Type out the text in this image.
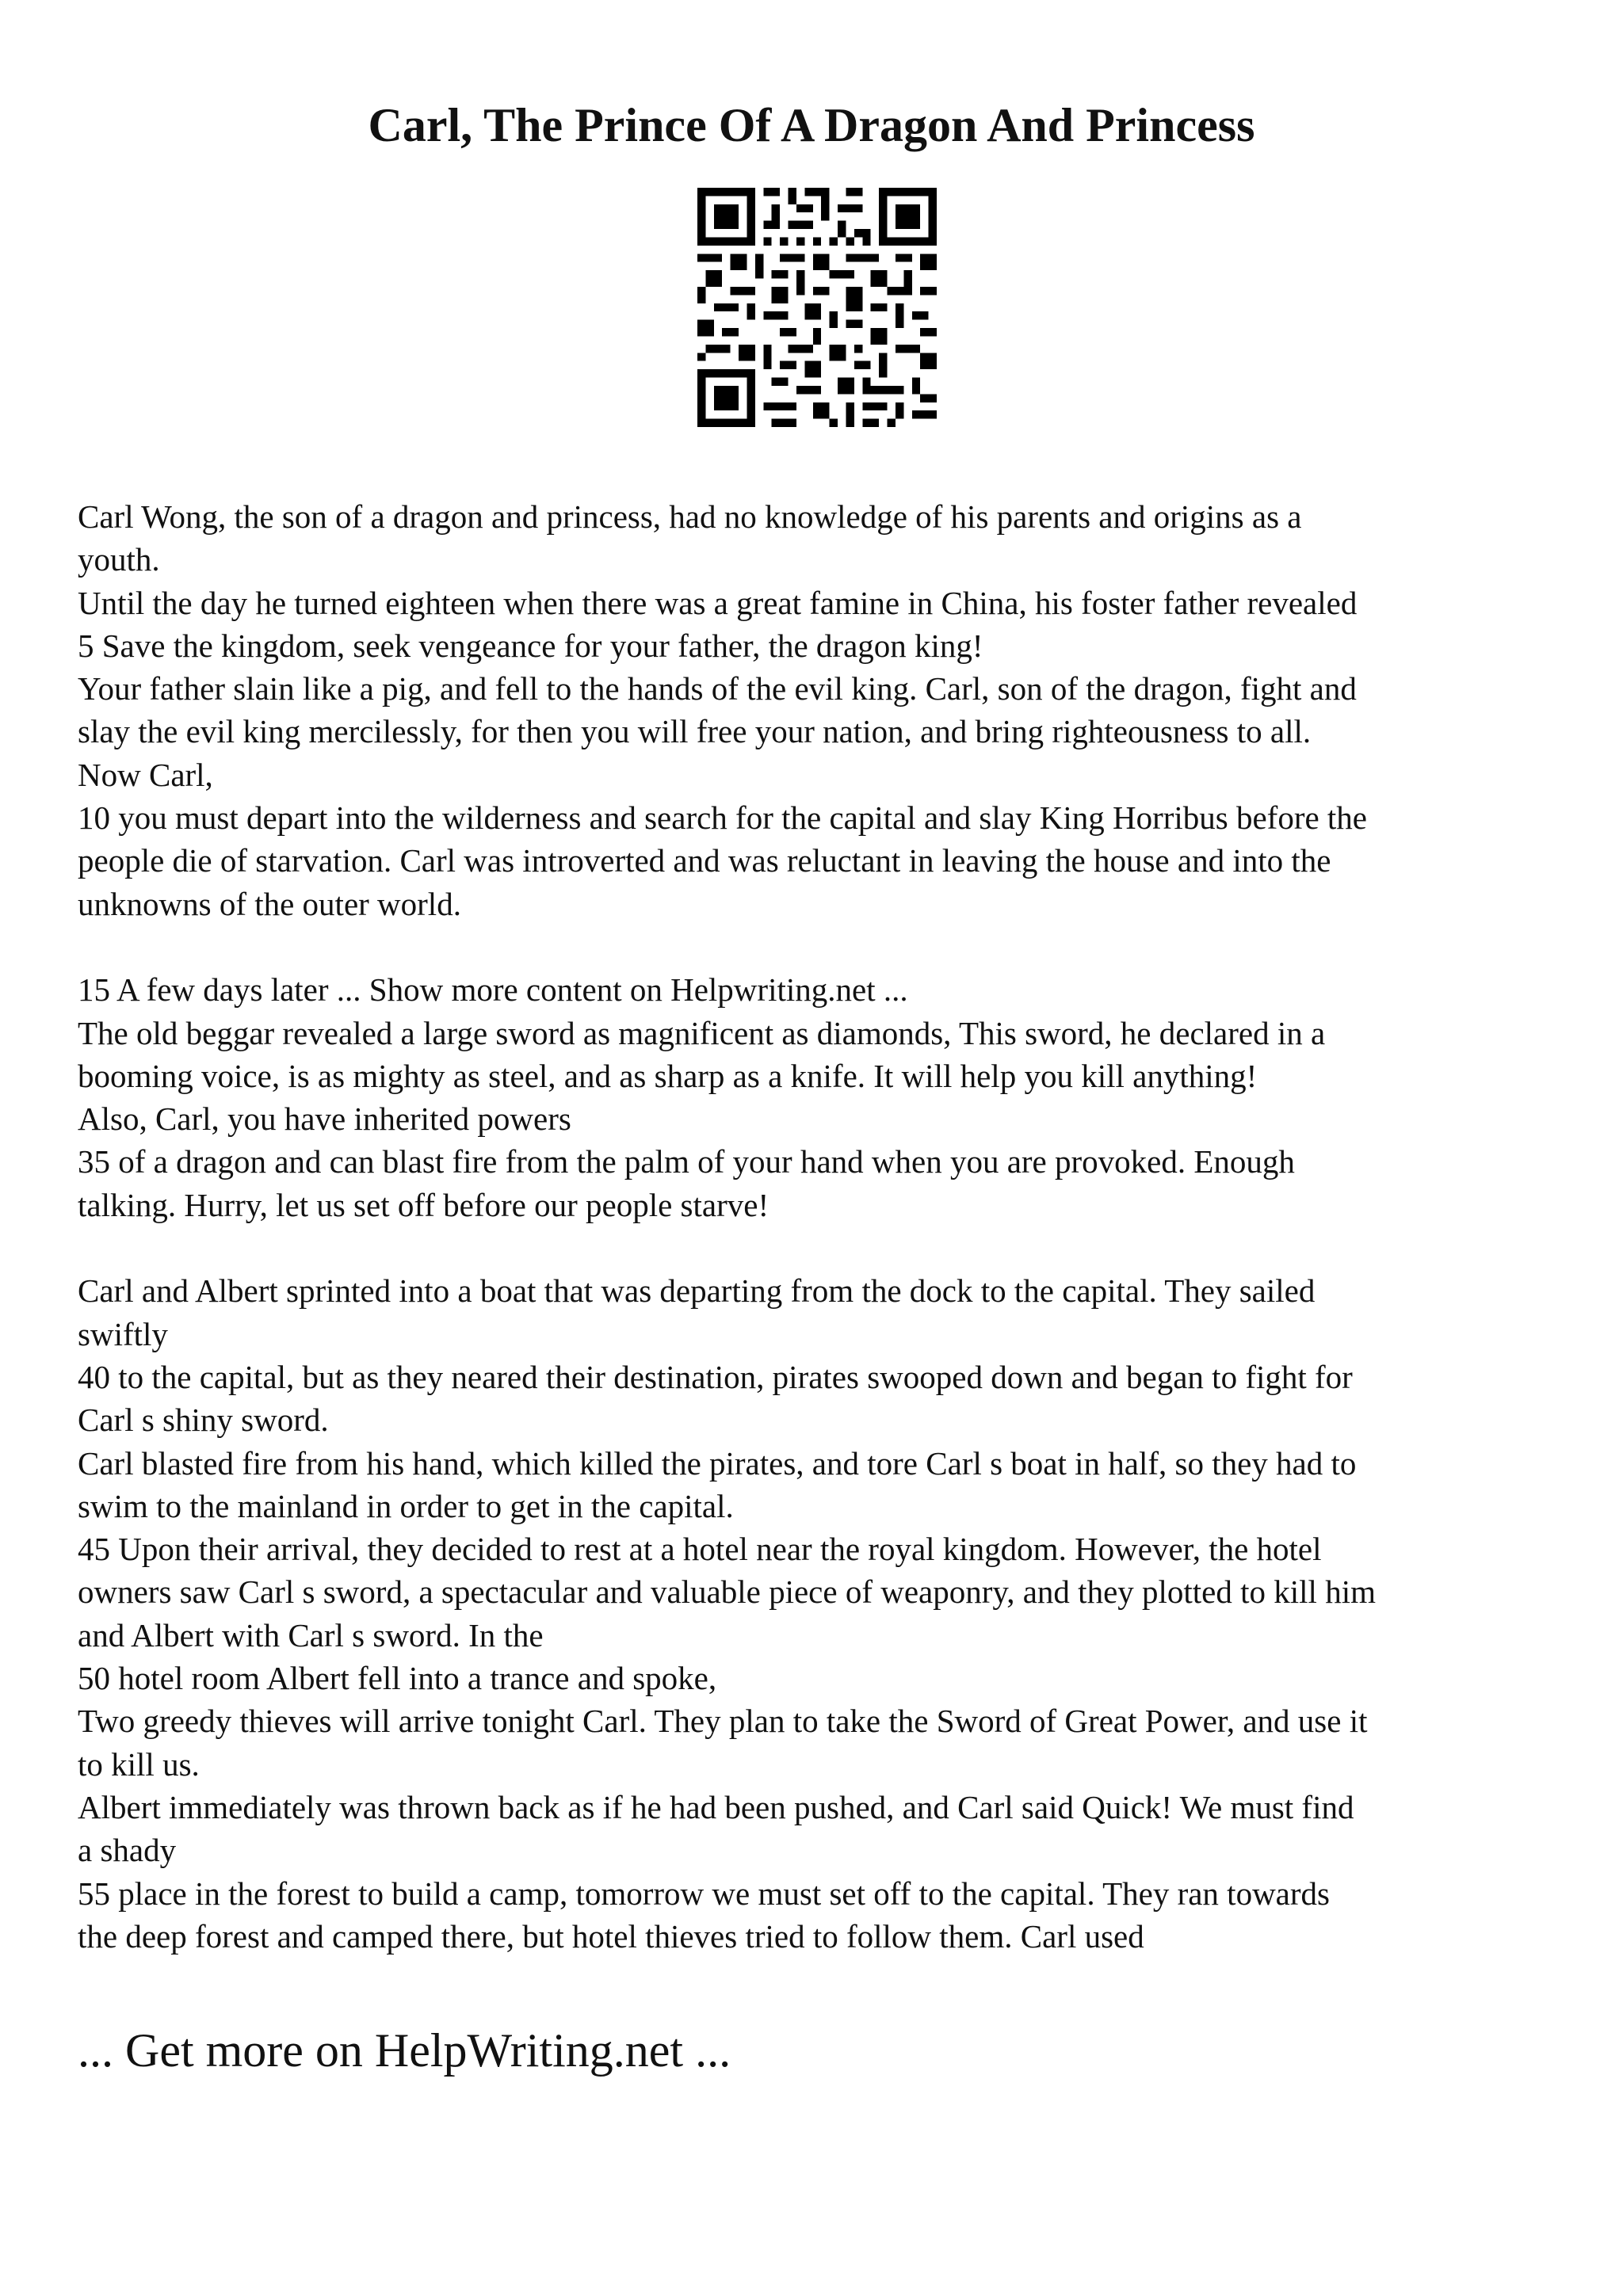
Carl, The Prince Of A Dragon And Princess

Carl Wong, the son of a dragon and princess, had no knowledge of his parents and origins as a

youth.

Until the day he turned eighteen when there was a great famine in China, his foster father revealed

5 Save the kingdom, seek vengeance for your father, the dragon king!

Your father slain like a pig, and fell to the hands of the evil king. Carl, son of the dragon, fight and

slay the evil king mercilessly, for then you will free your nation, and bring righteousness to all.

Now Carl,

10 you must depart into the wilderness and search for the capital and slay King Horribus before the

people die of starvation. Carl was introverted and was reluctant in leaving the house and into the

unknowns of the outer world.

15 A few days later ... Show more content on Helpwriting.net ...

The old beggar revealed a large sword as magnificent as diamonds, This sword, he declared in a

booming voice, is as mighty as steel, and as sharp as a knife. It will help you kill anything!

Also, Carl, you have inherited powers

35 of a dragon and can blast fire from the palm of your hand when you are provoked. Enough

talking. Hurry, let us set off before our people starve!

Carl and Albert sprinted into a boat that was departing from the dock to the capital. They sailed

swiftly

40 to the capital, but as they neared their destination, pirates swooped down and began to fight for

Carl s shiny sword.

Carl blasted fire from his hand, which killed the pirates, and tore Carl s boat in half, so they had to

swim to the mainland in order to get in the capital.

45 Upon their arrival, they decided to rest at a hotel near the royal kingdom. However, the hotel

owners saw Carl s sword, a spectacular and valuable piece of weaponry, and they plotted to kill him

and Albert with Carl s sword. In the

50 hotel room Albert fell into a trance and spoke,

Two greedy thieves will arrive tonight Carl. They plan to take the Sword of Great Power, and use it

to kill us.

Albert immediately was thrown back as if he had been pushed, and Carl said Quick! We must find

a shady

55 place in the forest to build a camp, tomorrow we must set off to the capital. They ran towards

the deep forest and camped there, but hotel thieves tried to follow them. Carl used

... Get more on HelpWriting.net ...
